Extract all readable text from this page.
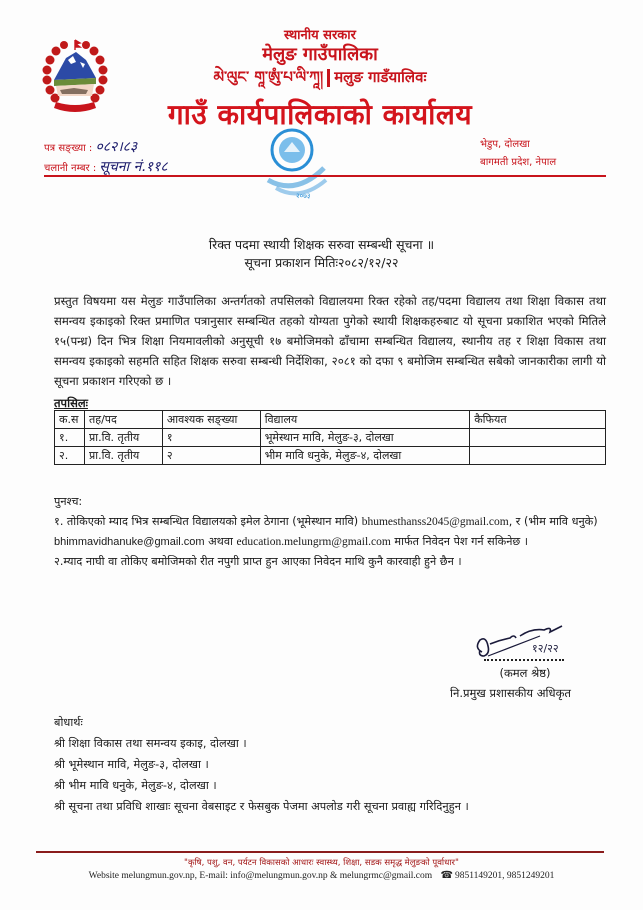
स्थानीय सरकार
मेलुङ गाउँपालिका
མེ་ལུང་ གཱ་ཨུཾ་པ་ལི་ཀཱ། मलुङ गाडँयालिवः
गाउँ कार्यपालिकाको कार्यालय
पत्र सङ्ख्या : ०८२।८३
चलानी नम्बर : सूचना नं.११८
२०७३
भेडुप, दोलखा
बागमती प्रदेश, नेपाल
रिक्त पदमा स्थायी शिक्षक सरुवा सम्बन्धी सूचना ॥
सूचना प्रकाशन मितिः२०८२/१२/२२
प्रस्तुत विषयमा यस मेलुङ गाउँपालिका अन्तर्गतको तपसिलको विद्यालयमा रिक्त रहेको तह/पदमा विद्यालय तथा शिक्षा विकास तथा समन्वय इकाइको रिक्त प्रमाणित पत्रानुसार सम्बन्धित तहको योग्यता पुगेको स्थायी शिक्षकहरुबाट यो सूचना प्रकाशित भएको मितिले १५(पन्ध्र) दिन भित्र शिक्षा नियमावलीको अनुसूची १७ बमोजिमको ढाँचामा सम्बन्धित विद्यालय, स्थानीय तह र शिक्षा विकास तथा समन्वय इकाइको सहमति सहित शिक्षक सरुवा सम्बन्धी निर्देशिका, २०८१ को दफा ९ बमोजिम सम्बन्धित सबैको जानकारीका लागी यो सूचना प्रकाशन गरिएको छ ।
तपसिलः
क.स	तह/पद	आवश्यक सङ्ख्या	विद्यालय	कैफियत
१.	प्रा.वि. तृतीय	१	भूमेस्थान मावि, मेलुङ-३, दोलखा	
२.	प्रा.वि. तृतीय	२	भीम मावि धनुके, मेलुङ-४, दोलखा	
पुनश्च:
१. तोकिएको म्याद भित्र सम्बन्धित विद्यालयको इमेल ठेगाना (भूमेस्थान मावि) bhumesthanss2045@gmail.com, र (भीम मावि धनुके) bhimmavidhanuke@gmail.com अथवा education.melungrm@gmail.com मार्फत निवेदन पेश गर्न सकिनेछ ।
२.म्याद नाघी वा तोकिए बमोजिमको रीत नपुगी प्राप्त हुन आएका निवेदन माथि कुनै कारवाही हुने छैन ।
१२/२२
(कमल श्रेष्ठ)
नि.प्रमुख प्रशासकीय अधिकृत
बोधार्थः
श्री शिक्षा विकास तथा समन्वय इकाइ, दोलखा ।
श्री भूमेस्थान मावि, मेलुङ-३, दोलखा ।
श्री भीम मावि धनुके, मेलुङ-४, दोलखा ।
श्री सूचना तथा प्रविधि शाखाः सूचना वेबसाइट र फेसबुक पेजमा अपलोड गरी सूचना प्रवाह्य गरिदिनुहुन ।
"कृषि, पशु, वन, पर्यटन विकासको आधारः स्वास्थ्य, शिक्षा, सडक समृद्ध मेलुङको पूर्वाधार"
Website melungmun.gov.np, E-mail: info@melungmun.gov.np & melungrmc@gmail.com ☎ 9851149201, 9851249201
